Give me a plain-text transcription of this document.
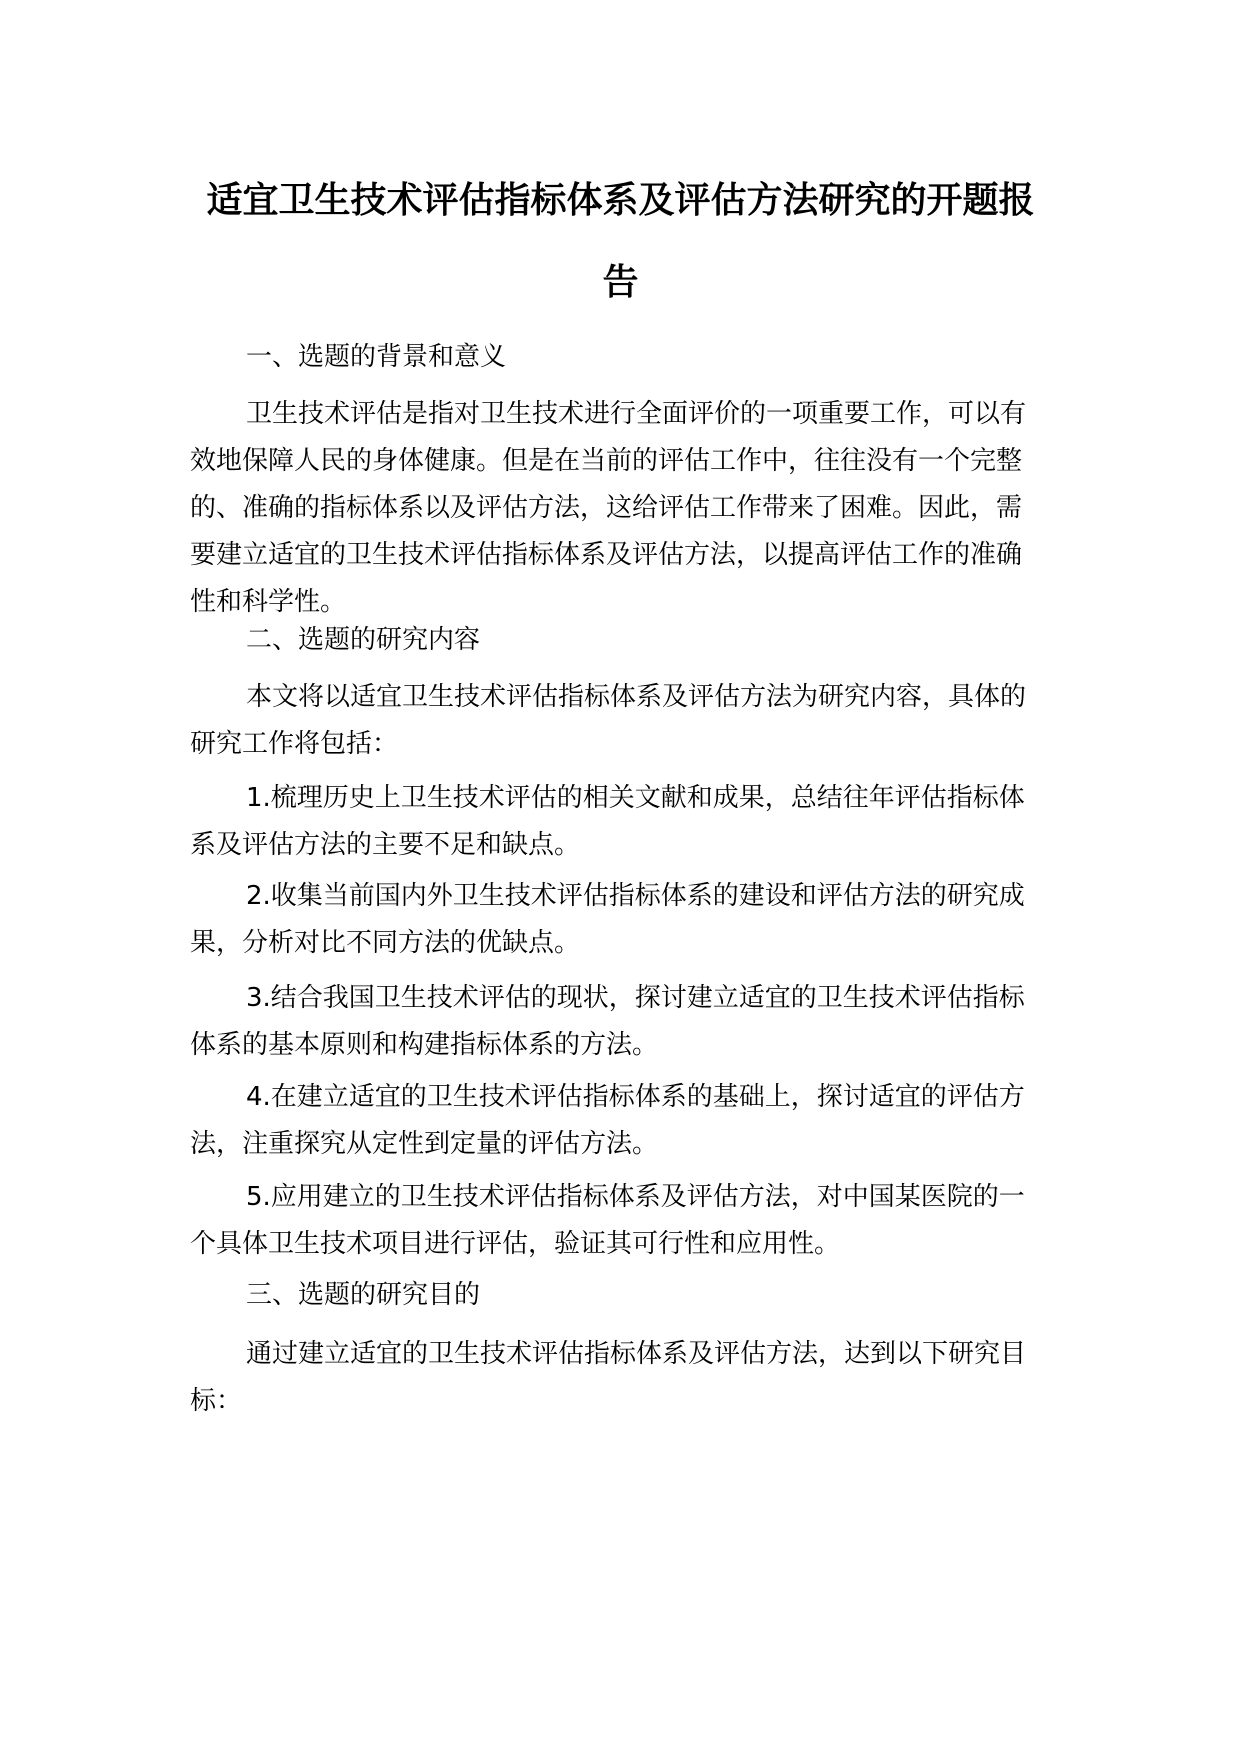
适宜卫生技术评估指标体系及评估方法研究的开题报告

一、选题的背景和意义

卫生技术评估是指对卫生技术进行全面评价的一项重要工作，可以有效地保障人民的身体健康。但是在当前的评估工作中，往往没有一个完整的、准确的指标体系以及评估方法，这给评估工作带来了困难。因此，需要建立适宜的卫生技术评估指标体系及评估方法，以提高评估工作的准确性和科学性。

二、选题的研究内容

本文将以适宜卫生技术评估指标体系及评估方法为研究内容，具体的研究工作将包括：

1.梳理历史上卫生技术评估的相关文献和成果，总结往年评估指标体系及评估方法的主要不足和缺点。

2.收集当前国内外卫生技术评估指标体系的建设和评估方法的研究成果，分析对比不同方法的优缺点。

3.结合我国卫生技术评估的现状，探讨建立适宜的卫生技术评估指标体系的基本原则和构建指标体系的方法。

4.在建立适宜的卫生技术评估指标体系的基础上，探讨适宜的评估方法，注重探究从定性到定量的评估方法。

5.应用建立的卫生技术评估指标体系及评估方法，对中国某医院的一个具体卫生技术项目进行评估，验证其可行性和应用性。

三、选题的研究目的

通过建立适宜的卫生技术评估指标体系及评估方法，达到以下研究目标：
